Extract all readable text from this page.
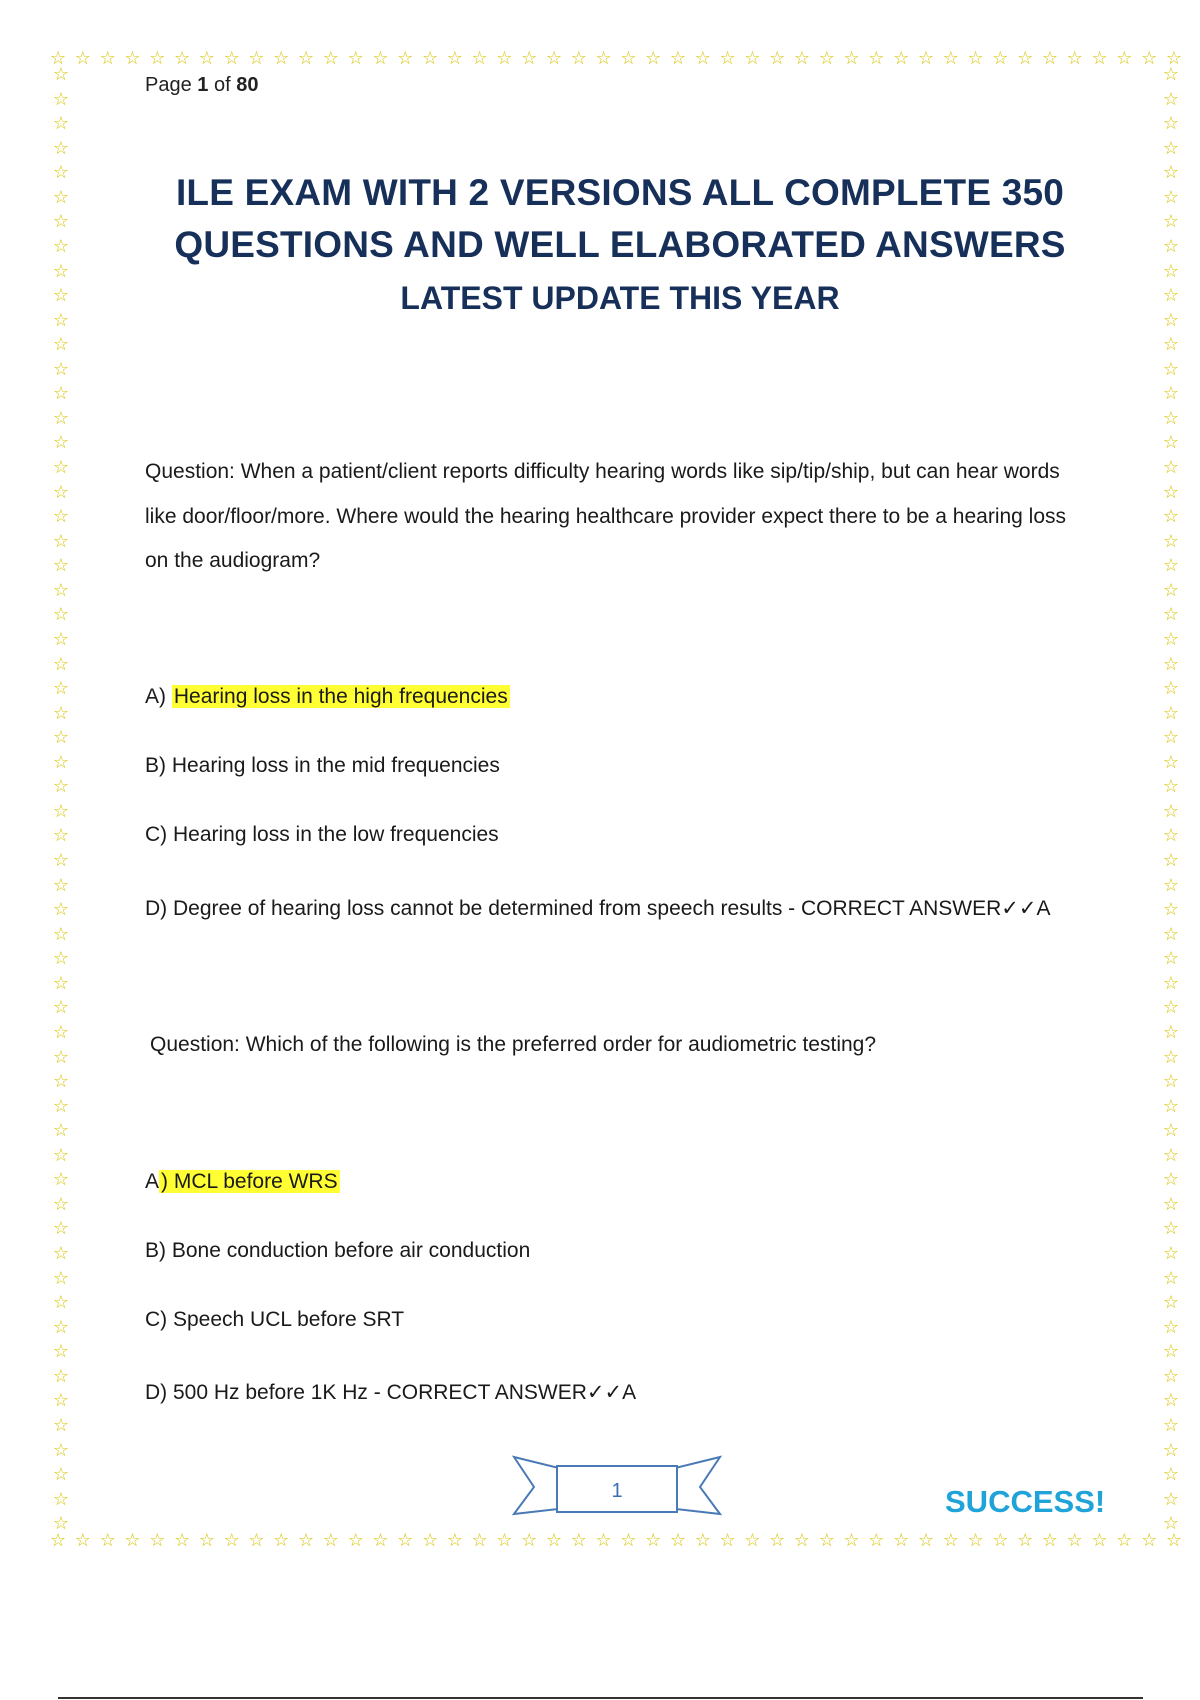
☆ ☆ ☆ ☆ ☆ ☆ ☆ ☆ ☆ ☆ ☆ ☆ ☆ ☆ ☆ ☆ ☆ ☆ ☆ ☆ ☆ ☆ ☆ ☆ ☆ ☆ ☆ ☆ ☆ ☆ ☆ ☆ ☆ ☆ ☆ ☆ ☆ ☆ ☆ ☆ ☆ ☆ ☆ ☆ ☆ ☆
☆ ☆ ☆ ☆ ☆ ☆ ☆ ☆ ☆ ☆ ☆ ☆ ☆ ☆ ☆ ☆ ☆ ☆ ☆ ☆ ☆ ☆ ☆ ☆ ☆ ☆ ☆ ☆ ☆ ☆ ☆ ☆ ☆ ☆ ☆ ☆ ☆ ☆ ☆ ☆ ☆ ☆ ☆ ☆ ☆ ☆
☆
☆
☆
☆
☆
☆
☆
☆
☆
☆
☆
☆
☆
☆
☆
☆
☆
☆
☆
☆
☆
☆
☆
☆
☆
☆
☆
☆
☆
☆
☆
☆
☆
☆
☆
☆
☆
☆
☆
☆
☆
☆
☆
☆
☆
☆
☆
☆
☆
☆
☆
☆
☆
☆
☆
☆
☆
☆
☆
☆
☆
☆
☆
☆
☆
☆
☆
☆
☆
☆
☆
☆
☆
☆
☆
☆
☆
☆
☆
☆
☆
☆
☆
☆
☆
☆
☆
☆
☆
☆
☆
☆
☆
☆
☆
☆
☆
☆
☆
☆
☆
☆
☆
☆
☆
☆
☆
☆
☆
☆
☆
☆
☆
☆
☆
☆
☆
☆
☆
☆
Page 1 of 80
ILE EXAM WITH 2 VERSIONS ALL COMPLETE 350
QUESTIONS AND WELL ELABORATED ANSWERS
LATEST UPDATE THIS YEAR
Question: When a patient/client reports difficulty hearing words like sip/tip/ship, but can hear words like door/floor/more. Where would the hearing healthcare provider expect there to be a hearing loss on the audiogram?
A) Hearing loss in the high frequencies
B) Hearing loss in the mid frequencies
C) Hearing loss in the low frequencies
D) Degree of hearing loss cannot be determined from speech results - CORRECT ANSWER✓✓A
Question: Which of the following is the preferred order for audiometric testing?
A) MCL before WRS
B) Bone conduction before air conduction
C) Speech UCL before SRT
D) 500 Hz before 1K Hz - CORRECT ANSWER✓✓A
1	SUCCESS!
